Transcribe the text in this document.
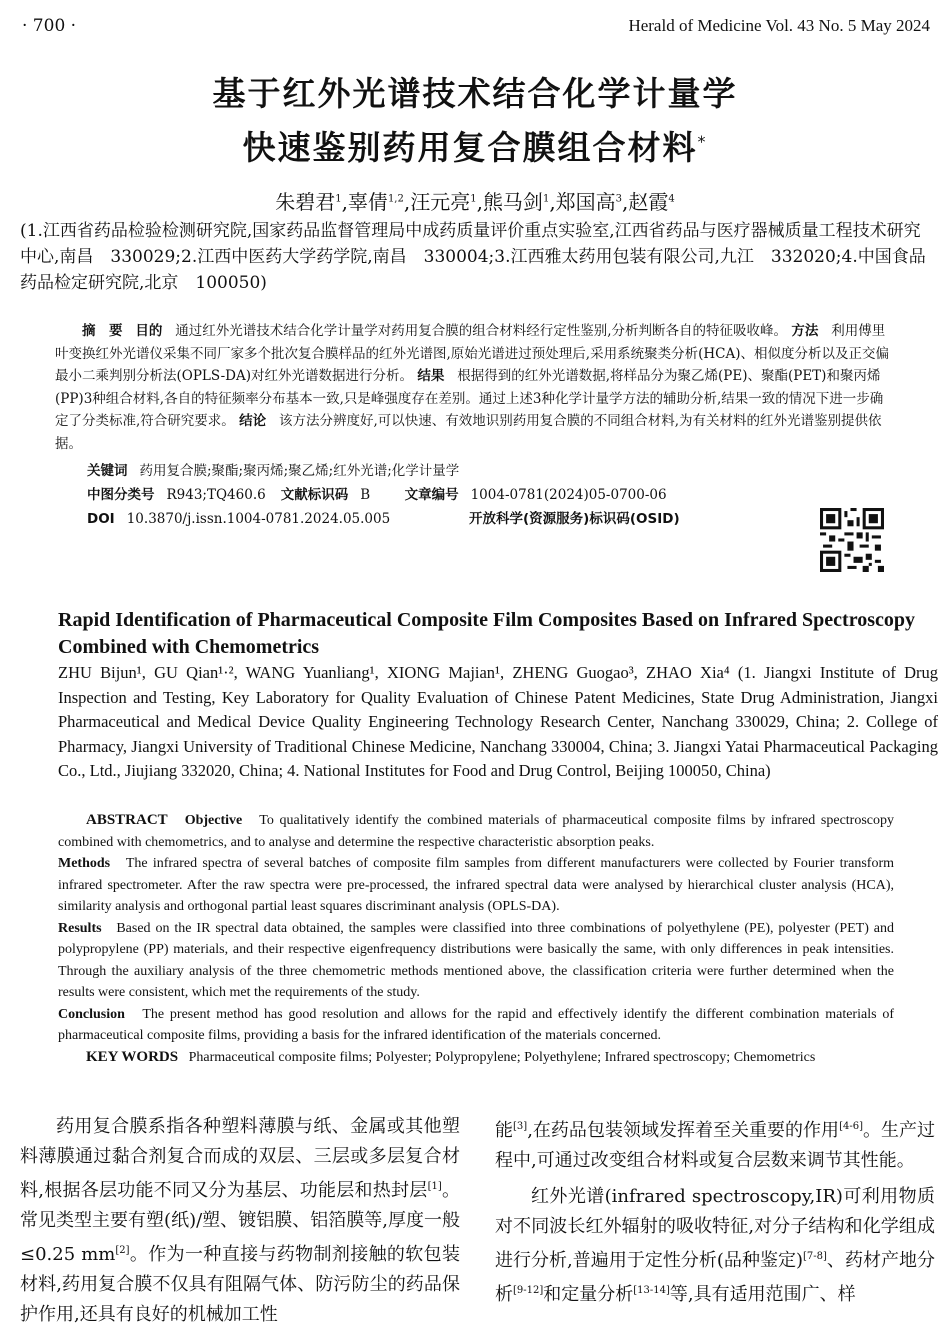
· 700 ·	Herald of Medicine Vol. 43 No. 5 May 2024
基于红外光谱技术结合化学计量学
快速鉴别药用复合膜组合材料*
朱碧君$^1$,辜倩$^{1,2}$,汪元亮$^1$,熊马剑$^1$,郑国高$^3$,赵霞$^4$
(1.江西省药品检验检测研究院,国家药品监督管理局中成药质量评价重点实验室,江西省药品与医疗器械质量工程技术研究中心,南昌　330029;2.江西中医药大学药学院,南昌　330004;3.江西雅太药用包装有限公司,九江　332020;4.中国食品药品检定研究院,北京　100050)
摘　要 目的 通过红外光谱技术结合化学计量学对药用复合膜的组合材料经行定性鉴别,分析判断各自的特征吸收峰。 方法 利用傅里叶变换红外光谱仪采集不同厂家多个批次复合膜样品的红外光谱图,原始光谱进过预处理后,采用系统聚类分析(HCA)、相似度分析以及正交偏最小二乘判别分析法(OPLS-DA)对红外光谱数据进行分析。 结果 根据得到的红外光谱数据,将样品分为聚乙烯(PE)、聚酯(PET)和聚丙烯(PP)3种组合材料,各自的特征频率分布基本一致,只是峰强度存在差别。通过上述3种化学计量学方法的辅助分析,结果一致的情况下进一步确定了分类标准,符合研究要求。 结论 该方法分辨度好,可以快速、有效地识别药用复合膜的不同组合材料,为有关材料的红外光谱鉴别提供依据。
关键词 药用复合膜;聚酯;聚丙烯;聚乙烯;红外光谱;化学计量学
中图分类号 R943;TQ460.6 文献标识码 B	文章编号 1004-0781(2024)05-0700-06
DOI 10.3870/j.issn.1004-0781.2024.05.005	开放科学(资源服务)标识码(OSID)
Rapid Identification of Pharmaceutical Composite Film Composites Based on Infrared Spectroscopy Combined with Chemometrics
ZHU Bijun¹, GU Qian¹·², WANG Yuanliang¹, XIONG Majian¹, ZHENG Guogao³, ZHAO Xia⁴ (1. Jiangxi Institute of Drug Inspection and Testing, Key Laboratory for Quality Evaluation of Chinese Patent Medicines, State Drug Administration, Jiangxi Pharmaceutical and Medical Device Quality Engineering Technology Research Center, Nanchang 330029, China; 2. College of Pharmacy, Jiangxi University of Traditional Chinese Medicine, Nanchang 330004, China; 3. Jiangxi Yatai Pharmaceutical Packaging Co., Ltd., Jiujiang 332020, China; 4. National Institutes for Food and Drug Control, Beijing 100050, China)
ABSTRACT Objective To qualitatively identify the combined materials of pharmaceutical composite films by infrared spectroscopy combined with chemometrics, and to analyse and determine the respective characteristic absorption peaks.
Methods The infrared spectra of several batches of composite film samples from different manufacturers were collected by Fourier transform infrared spectrometer. After the raw spectra were pre-processed, the infrared spectral data were analysed by hierarchical cluster analysis (HCA), similarity analysis and orthogonal partial least squares discriminant analysis (OPLS-DA).
Results Based on the IR spectral data obtained, the samples were classified into three combinations of polyethylene (PE), polyester (PET) and polypropylene (PP) materials, and their respective eigenfrequency distributions were basically the same, with only differences in peak intensities. Through the auxiliary analysis of the three chemometric methods mentioned above, the classification criteria were further determined when the results were consistent, which met the requirements of the study.
Conclusion The present method has good resolution and allows for the rapid and effectively identify the different combination materials of pharmaceutical composite films, providing a basis for the infrared identification of the materials concerned.
KEY WORDS Pharmaceutical composite films; Polyester; Polypropylene; Polyethylene; Infrared spectroscopy; Chemometrics
药用复合膜系指各种塑料薄膜与纸、金属或其他塑料薄膜通过黏合剂复合而成的双层、三层或多层复合材料,根据各层功能不同又分为基层、功能层和热封层[1]。常见类型主要有塑(纸)/塑、镀铝膜、铝箔膜等,厚度一般≤0.25 mm[2]。作为一种直接与药物制剂接触的软包装材料,药用复合膜不仅具有阻隔气体、防污防尘的药品保护作用,还具有良好的机械加工性
能[3],在药品包装领域发挥着至关重要的作用[4-6]。生产过程中,可通过改变组合材料或复合层数来调节其性能。
红外光谱(infrared spectroscopy,IR)可利用物质对不同波长红外辐射的吸收特征,对分子结构和化学组成进行分析,普遍用于定性分析(品种鉴定)[7-8]、药材产地分析[9-12]和定量分析[13-14]等,具有适用范围广、样
